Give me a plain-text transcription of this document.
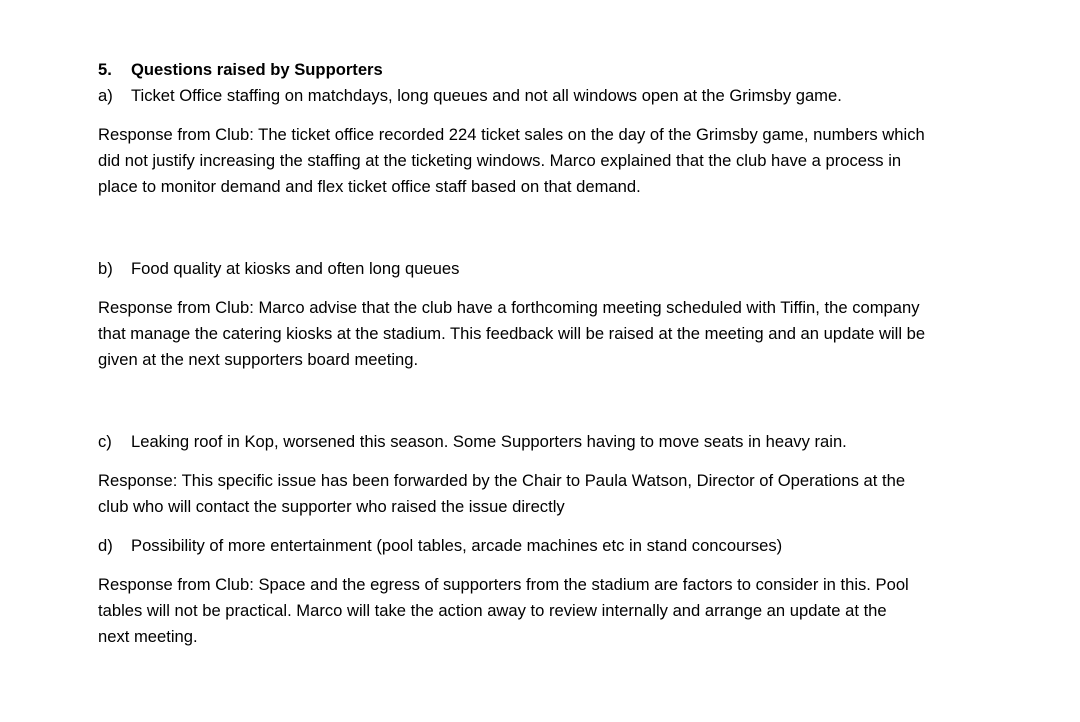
5.	Questions raised by Supporters
a)	Ticket Office staffing on matchdays, long queues and not all windows open at the Grimsby game.

Response from Club: The ticket office recorded 224 ticket sales on the day of the Grimsby game, numbers which

did not justify increasing the staffing at the ticketing windows. Marco explained that the club have a process in

place to monitor demand and flex ticket office staff based on that demand.

b)	Food quality at kiosks and often long queues

Response from Club: Marco advise that the club have a forthcoming meeting scheduled with Tiffin, the company

that manage the catering kiosks at the stadium. This feedback will be raised at the meeting and an update will be

given at the next supporters board meeting.

c)	Leaking roof in Kop, worsened this season. Some Supporters having to move seats in heavy rain.

Response: This specific issue has been forwarded by the Chair to Paula Watson, Director of Operations at the

club who will contact the supporter who raised the issue directly

d)	Possibility of more entertainment (pool tables, arcade machines etc in stand concourses)

Response from Club: Space and the egress of supporters from the stadium are factors to consider in this. Pool

tables will not be practical. Marco will take the action away to review internally and arrange an update at the

next meeting.
